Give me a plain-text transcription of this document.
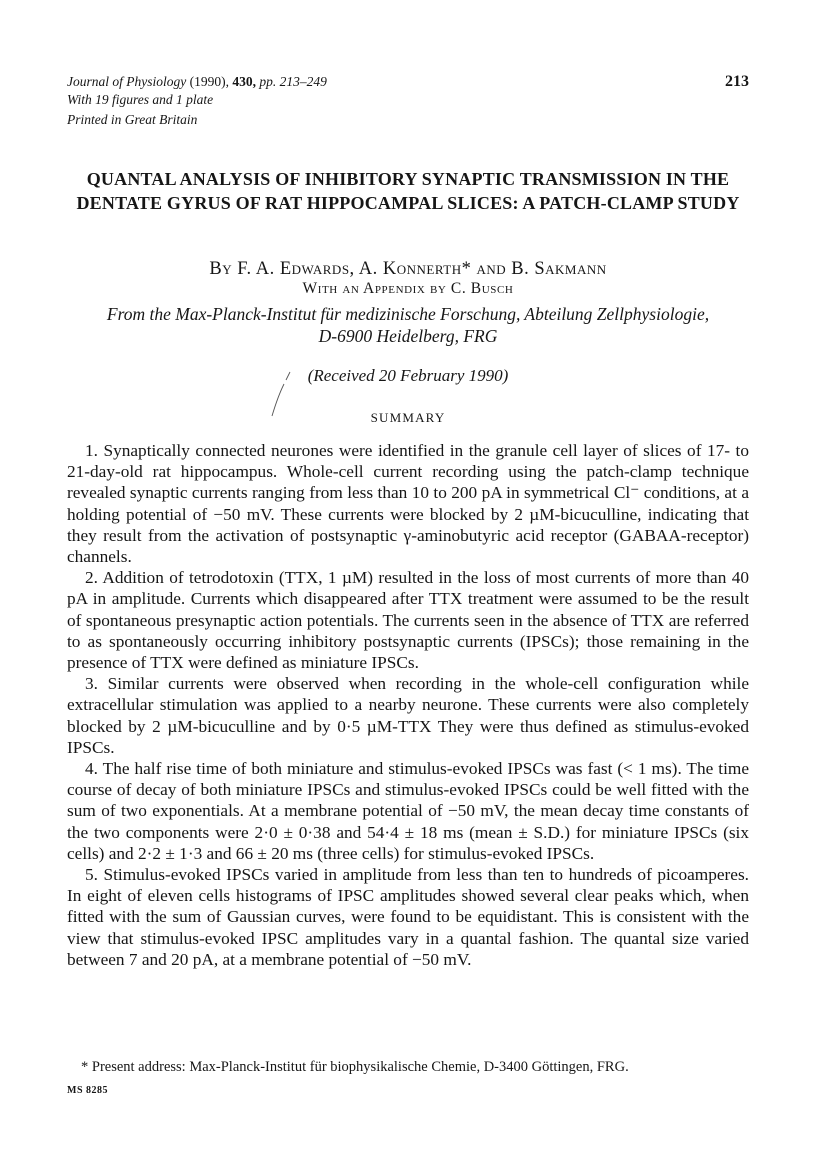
Journal of Physiology (1990), 430, pp. 213–249
With 19 figures and 1 plate
Printed in Great Britain
213
QUANTAL ANALYSIS OF INHIBITORY SYNAPTIC TRANSMISSION IN THE DENTATE GYRUS OF RAT HIPPOCAMPAL SLICES: A PATCH-CLAMP STUDY
By F. A. Edwards, A. Konnerth* and B. Sakmann
With an Appendix by C. Busch
From the Max-Planck-Institut für medizinische Forschung, Abteilung Zellphysiologie,
D-6900 Heidelberg, FRG
(Received 20 February 1990)
SUMMARY

1. Synaptically connected neurones were identified in the granule cell layer of slices of 17- to 21-day-old rat hippocampus. Whole-cell current recording using the patch-clamp technique revealed synaptic currents ranging from less than 10 to 200 pA in symmetrical Cl⁻ conditions, at a holding potential of −50 mV. These currents were blocked by 2 µM-bicuculline, indicating that they result from the activation of postsynaptic γ-aminobutyric acid receptor (GABAA-receptor) channels.

2. Addition of tetrodotoxin (TTX, 1 µM) resulted in the loss of most currents of more than 40 pA in amplitude. Currents which disappeared after TTX treatment were assumed to be the result of spontaneous presynaptic action potentials. The currents seen in the absence of TTX are referred to as spontaneously occurring inhibitory postsynaptic currents (IPSCs); those remaining in the presence of TTX were defined as miniature IPSCs.

3. Similar currents were observed when recording in the whole-cell configuration while extracellular stimulation was applied to a nearby neurone. These currents were also completely blocked by 2 µM-bicuculline and by 0·5 µM-TTX They were thus defined as stimulus-evoked IPSCs.

4. The half rise time of both miniature and stimulus-evoked IPSCs was fast (< 1 ms). The time course of decay of both miniature IPSCs and stimulus-evoked IPSCs could be well fitted with the sum of two exponentials. At a membrane potential of −50 mV, the mean decay time constants of the two components were 2·0 ± 0·38 and 54·4 ± 18 ms (mean ± S.D.) for miniature IPSCs (six cells) and 2·2 ± 1·3 and 66 ± 20 ms (three cells) for stimulus-evoked IPSCs.

5. Stimulus-evoked IPSCs varied in amplitude from less than ten to hundreds of picoamperes. In eight of eleven cells histograms of IPSC amplitudes showed several clear peaks which, when fitted with the sum of Gaussian curves, were found to be equidistant. This is consistent with the view that stimulus-evoked IPSC amplitudes vary in a quantal fashion. The quantal size varied between 7 and 20 pA, at a membrane potential of −50 mV.

* Present address: Max-Planck-Institut für biophysikalische Chemie, D-3400 Göttingen, FRG.
MS 8285
